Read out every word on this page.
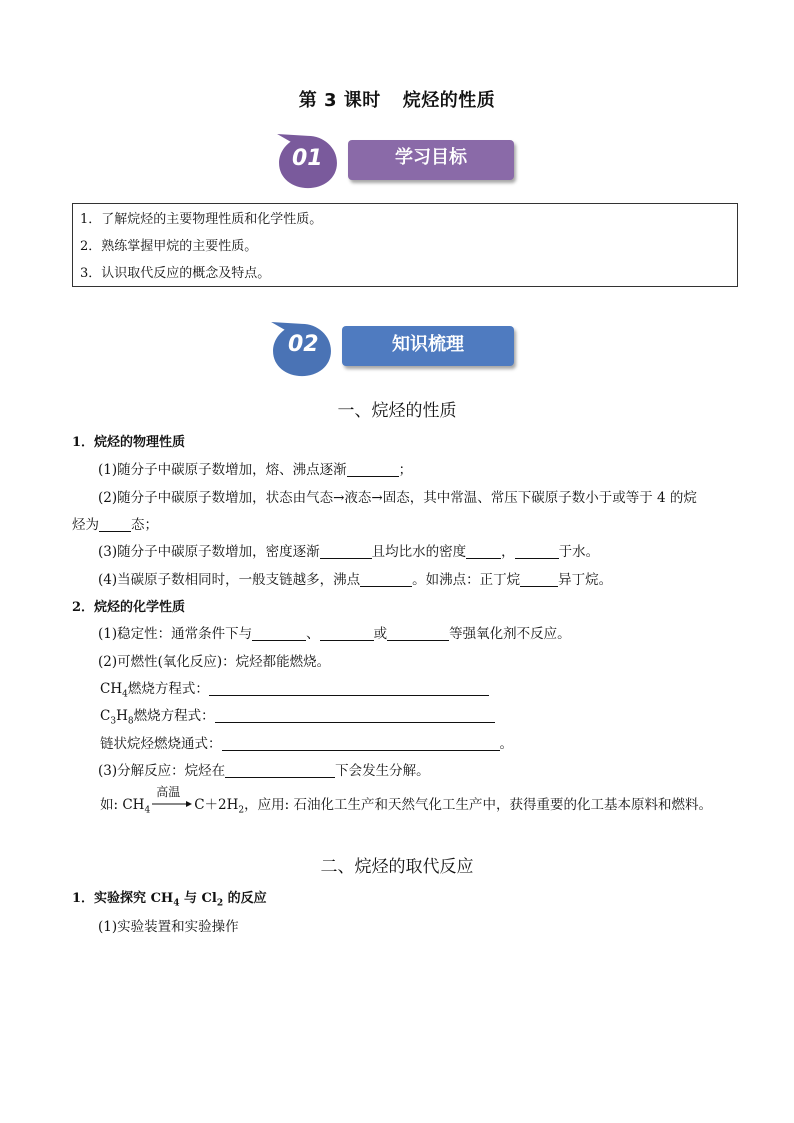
第 3 课时 烷烃的性质
01	学习目标

1．了解烷烃的主要物理性质和化学性质。

2．熟练掌握甲烷的主要性质。

3．认识取代反应的概念及特点。

02	知识梳理
一、烷烃的性质
1．烷烃的物理性质
(1)随分子中碳原子数增加，熔、沸点逐渐	；
(2)随分子中碳原子数增加，状态由气态→液态→固态，其中常温、常压下碳原子数小于或等于 4 的烷
烃为 态；
(3)随分子中碳原子数增加，密度逐渐	且均比水的密度	，	于水。
(4)当碳原子数相同时，一般支链越多，沸点	。如沸点：正丁烷	异丁烷。
2．烷烃的化学性质
(1)稳定性：通常条件下与	、	或	等强氧化剂不反应。
(2)可燃性(氧化反应)：烷烃都能燃烧。
$CH_4$燃烧方程式：
$C_3H_8$燃烧方程式：
链状烷烃燃烧通式：	。
(3)分解反应：烷烃在	下会发生分解。
如: $CH_4$
高温
$C+2H_2$，应用: 石油化工生产和天然气化工生产中，获得重要的化工基本原料和燃料。
二、烷烃的取代反应
1．实验探究 $CH_4$ 与 $Cl_2$ 的反应
(1)实验装置和实验操作
